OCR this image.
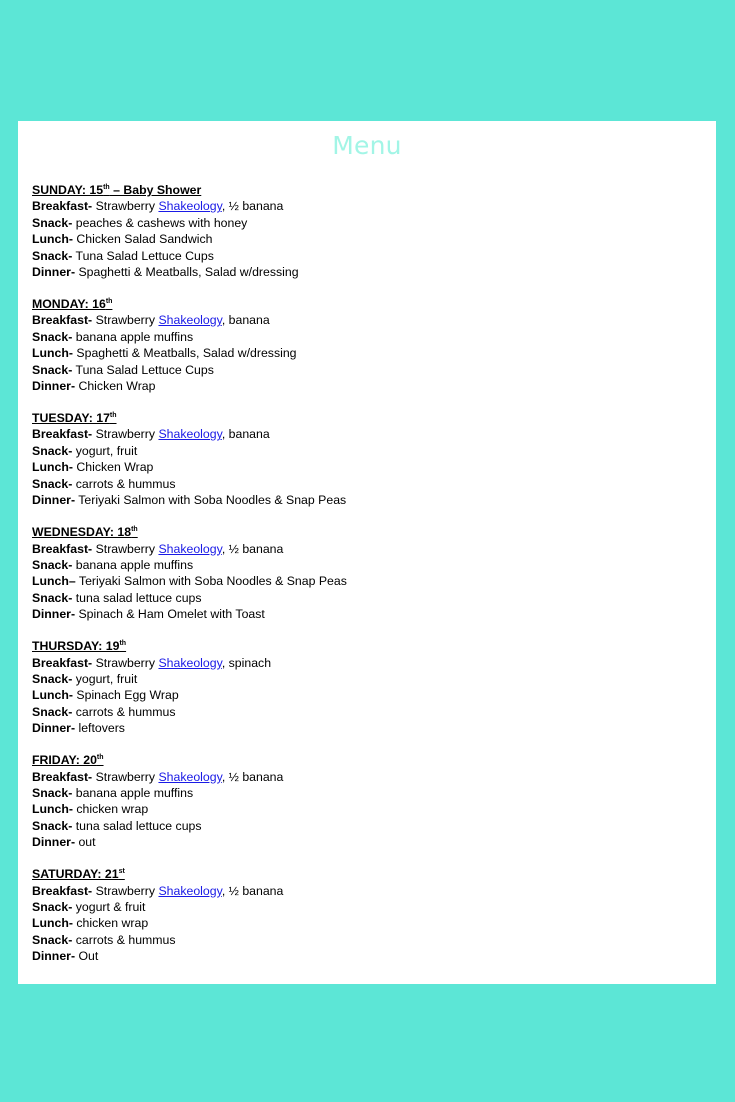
Menu
SUNDAY: 15th – Baby Shower
Breakfast- Strawberry Shakeology, ½ banana
Snack- peaches & cashews with honey
Lunch- Chicken Salad Sandwich
Snack- Tuna Salad Lettuce Cups
Dinner- Spaghetti & Meatballs, Salad w/dressing
MONDAY: 16th
Breakfast- Strawberry Shakeology, banana
Snack- banana apple muffins
Lunch- Spaghetti & Meatballs, Salad w/dressing
Snack- Tuna Salad Lettuce Cups
Dinner- Chicken Wrap
TUESDAY: 17th
Breakfast- Strawberry Shakeology, banana
Snack- yogurt, fruit
Lunch- Chicken Wrap
Snack- carrots & hummus
Dinner- Teriyaki Salmon with Soba Noodles & Snap Peas
WEDNESDAY: 18th
Breakfast- Strawberry Shakeology, ½ banana
Snack- banana apple muffins
Lunch– Teriyaki Salmon with Soba Noodles & Snap Peas
Snack- tuna salad lettuce cups
Dinner- Spinach & Ham Omelet with Toast
THURSDAY: 19th
Breakfast- Strawberry Shakeology, spinach
Snack- yogurt, fruit
Lunch- Spinach Egg Wrap
Snack- carrots & hummus
Dinner- leftovers
FRIDAY: 20th
Breakfast- Strawberry Shakeology, ½ banana
Snack- banana apple muffins
Lunch- chicken wrap
Snack- tuna salad lettuce cups
Dinner- out
SATURDAY: 21st
Breakfast- Strawberry Shakeology, ½ banana
Snack- yogurt & fruit
Lunch- chicken wrap
Snack- carrots & hummus
Dinner- Out
